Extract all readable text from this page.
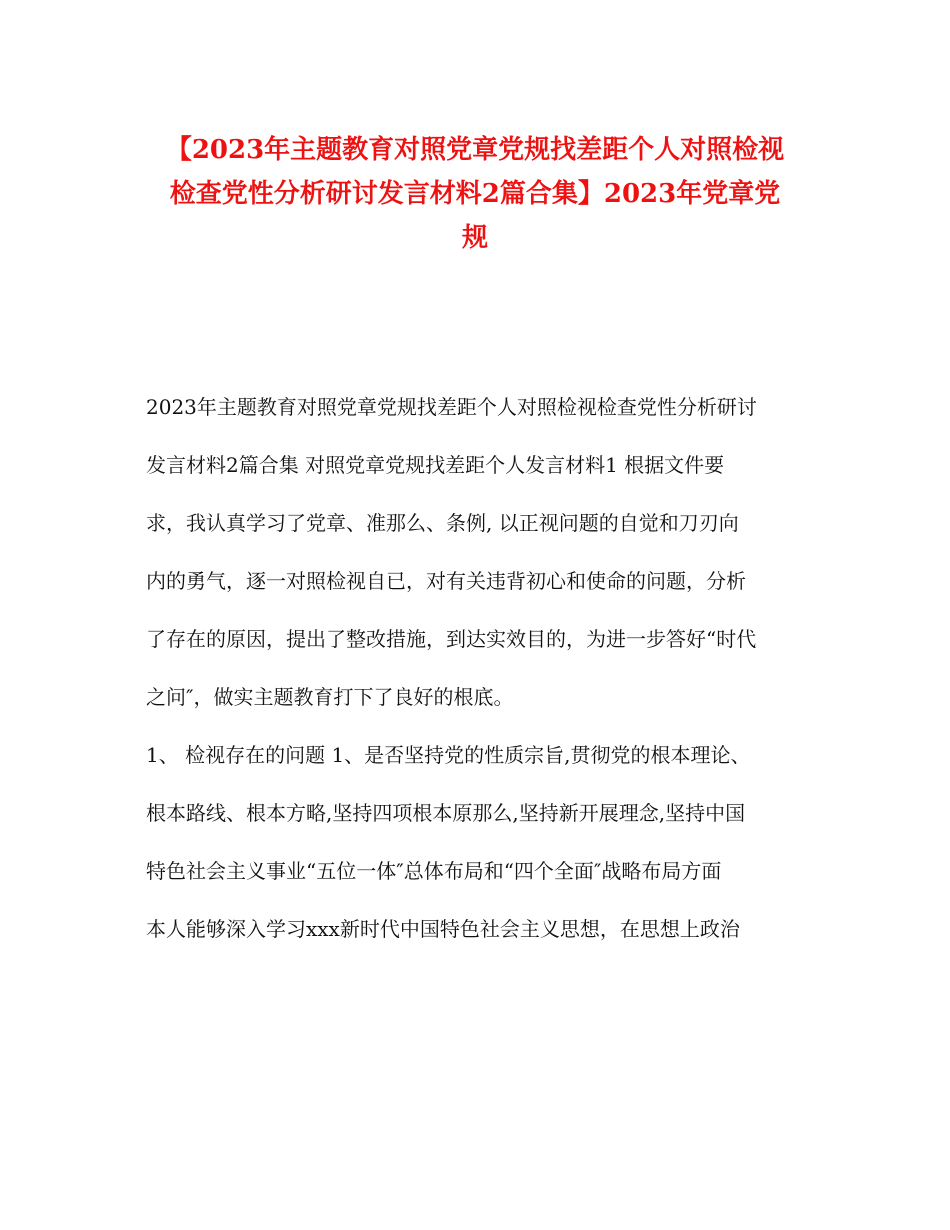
【2023年主题教育对照党章党规找差距个人对照检视
检查党性分析研讨发言材料2篇合集】2023年党章党
规
2023年主题教育对照党章党规找差距个人对照检视检查党性分析研讨
发言材料2篇合集 对照党章党规找差距个人发言材料1 根据文件要
求，我认真学习了党章、准那么、条例, 以正视问题的自觉和刀刃向
内的勇气，逐一对照检视自已，对有关违背初心和使命的问题，分析
了存在的原因，提出了整改措施，到达实效目的，为进一步答好“时代
之问″，做实主题教育打下了良好的根底。
1、 检视存在的问题 1、是否坚持党的性质宗旨,贯彻党的根本理论、
根本路线、根本方略,坚持四项根本原那么,坚持新开展理念,坚持中国
特色社会主义事业“五位一体″总体布局和“四个全面″战略布局方面
本人能够深入学习xxx新时代中国特色社会主义思想，在思想上政治
